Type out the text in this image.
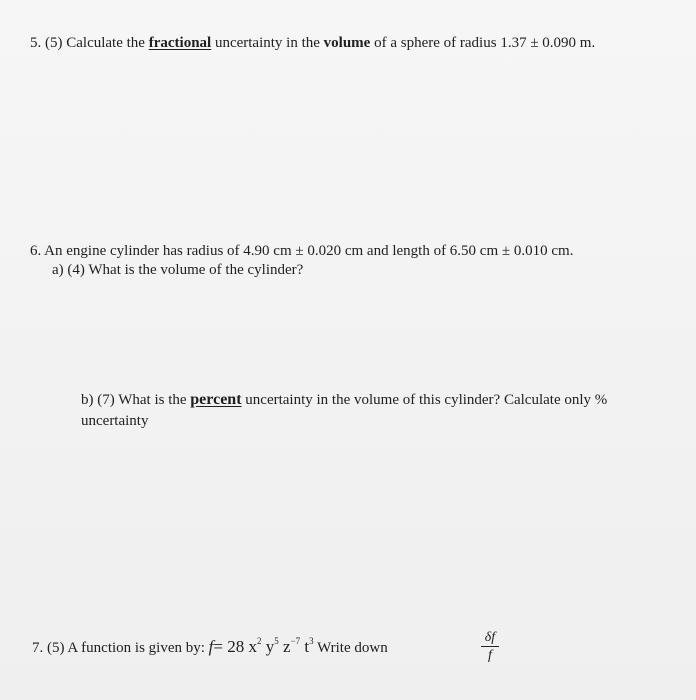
5. (5) Calculate the fractional uncertainty in the volume of a sphere of radius 1.37 ± 0.090 m.
6. An engine cylinder has radius of 4.90 cm ± 0.020 cm and length of 6.50 cm ± 0.010 cm.
a) (4) What is the volume of the cylinder?
b) (7) What is the percent uncertainty in the volume of this cylinder? Calculate only %
uncertainty
7. (5) A function is given by: f= 28 $x^2$ $y^5$ $z^{-7}$ $t^3$ Write down
δf
f
